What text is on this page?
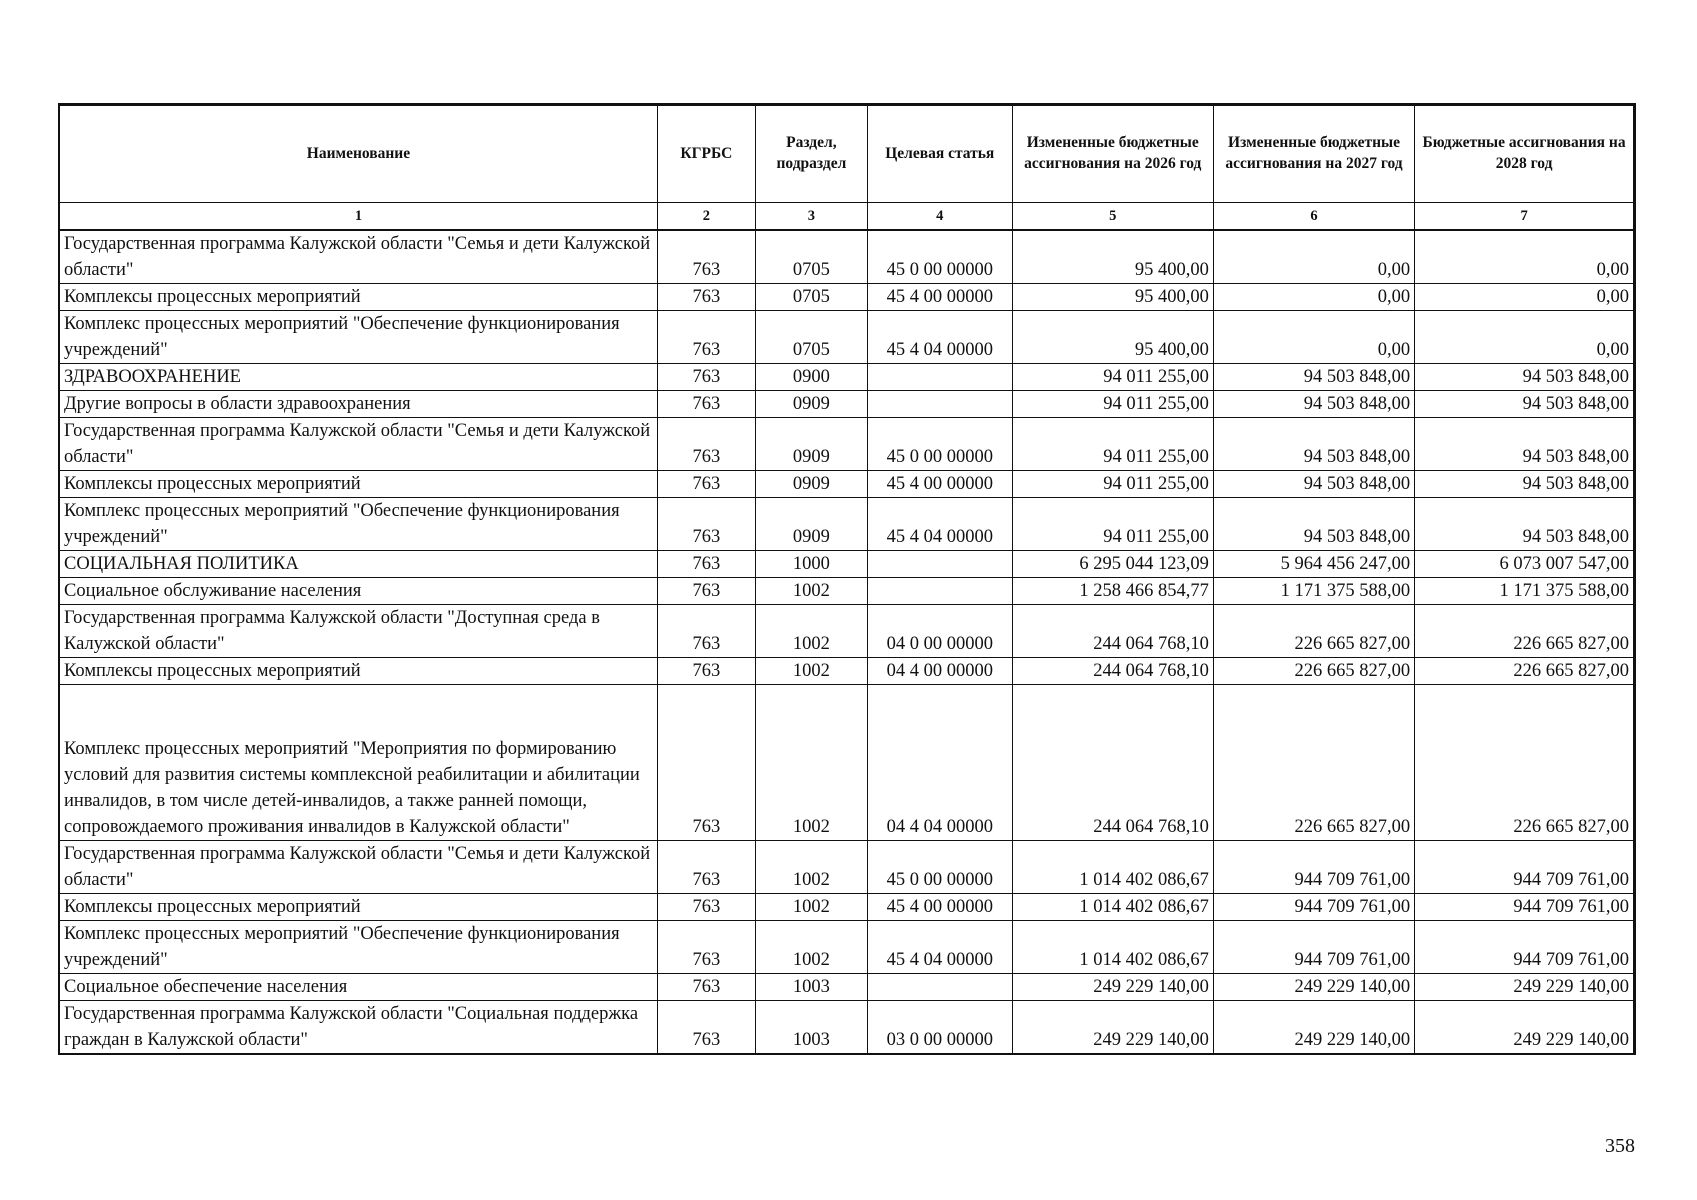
Наименование	КГРБС	Раздел, подраздел	Целевая статья	Измененные бюджетные ассигнования на 2026 год	Измененные бюджетные ассигнования на 2027 год	Бюджетные ассигнования на 2028 год
1	2	3	4	5	6	7
Государственная программа Калужской области "Семья и дети Калужской области"	763	0705	45 0 00 00000	95 400,00	0,00	0,00
Комплексы процессных мероприятий	763	0705	45 4 00 00000	95 400,00	0,00	0,00
Комплекс процессных мероприятий "Обеспечение функционирования учреждений"	763	0705	45 4 04 00000	95 400,00	0,00	0,00
ЗДРАВООХРАНЕНИЕ	763	0900		94 011 255,00	94 503 848,00	94 503 848,00
Другие вопросы в области здравоохранения	763	0909		94 011 255,00	94 503 848,00	94 503 848,00
Государственная программа Калужской области "Семья и дети Калужской области"	763	0909	45 0 00 00000	94 011 255,00	94 503 848,00	94 503 848,00
Комплексы процессных мероприятий	763	0909	45 4 00 00000	94 011 255,00	94 503 848,00	94 503 848,00
Комплекс процессных мероприятий "Обеспечение функционирования учреждений"	763	0909	45 4 04 00000	94 011 255,00	94 503 848,00	94 503 848,00
СОЦИАЛЬНАЯ ПОЛИТИКА	763	1000		6 295 044 123,09	5 964 456 247,00	6 073 007 547,00
Социальное обслуживание населения	763	1002		1 258 466 854,77	1 171 375 588,00	1 171 375 588,00
Государственная программа Калужской области "Доступная среда в Калужской области"	763	1002	04 0 00 00000	244 064 768,10	226 665 827,00	226 665 827,00
Комплексы процессных мероприятий	763	1002	04 4 00 00000	244 064 768,10	226 665 827,00	226 665 827,00
Комплекс процессных мероприятий "Мероприятия по формированию условий для развития системы комплексной реабилитации и абилитации инвалидов, в том числе детей-инвалидов, а также ранней помощи, сопровождаемого проживания инвалидов в Калужской области"	763	1002	04 4 04 00000	244 064 768,10	226 665 827,00	226 665 827,00
Государственная программа Калужской области "Семья и дети Калужской области"	763	1002	45 0 00 00000	1 014 402 086,67	944 709 761,00	944 709 761,00
Комплексы процессных мероприятий	763	1002	45 4 00 00000	1 014 402 086,67	944 709 761,00	944 709 761,00
Комплекс процессных мероприятий "Обеспечение функционирования учреждений"	763	1002	45 4 04 00000	1 014 402 086,67	944 709 761,00	944 709 761,00
Социальное обеспечение населения	763	1003		249 229 140,00	249 229 140,00	249 229 140,00
Государственная программа Калужской области "Социальная поддержка граждан в Калужской области"	763	1003	03 0 00 00000	249 229 140,00	249 229 140,00	249 229 140,00
358
